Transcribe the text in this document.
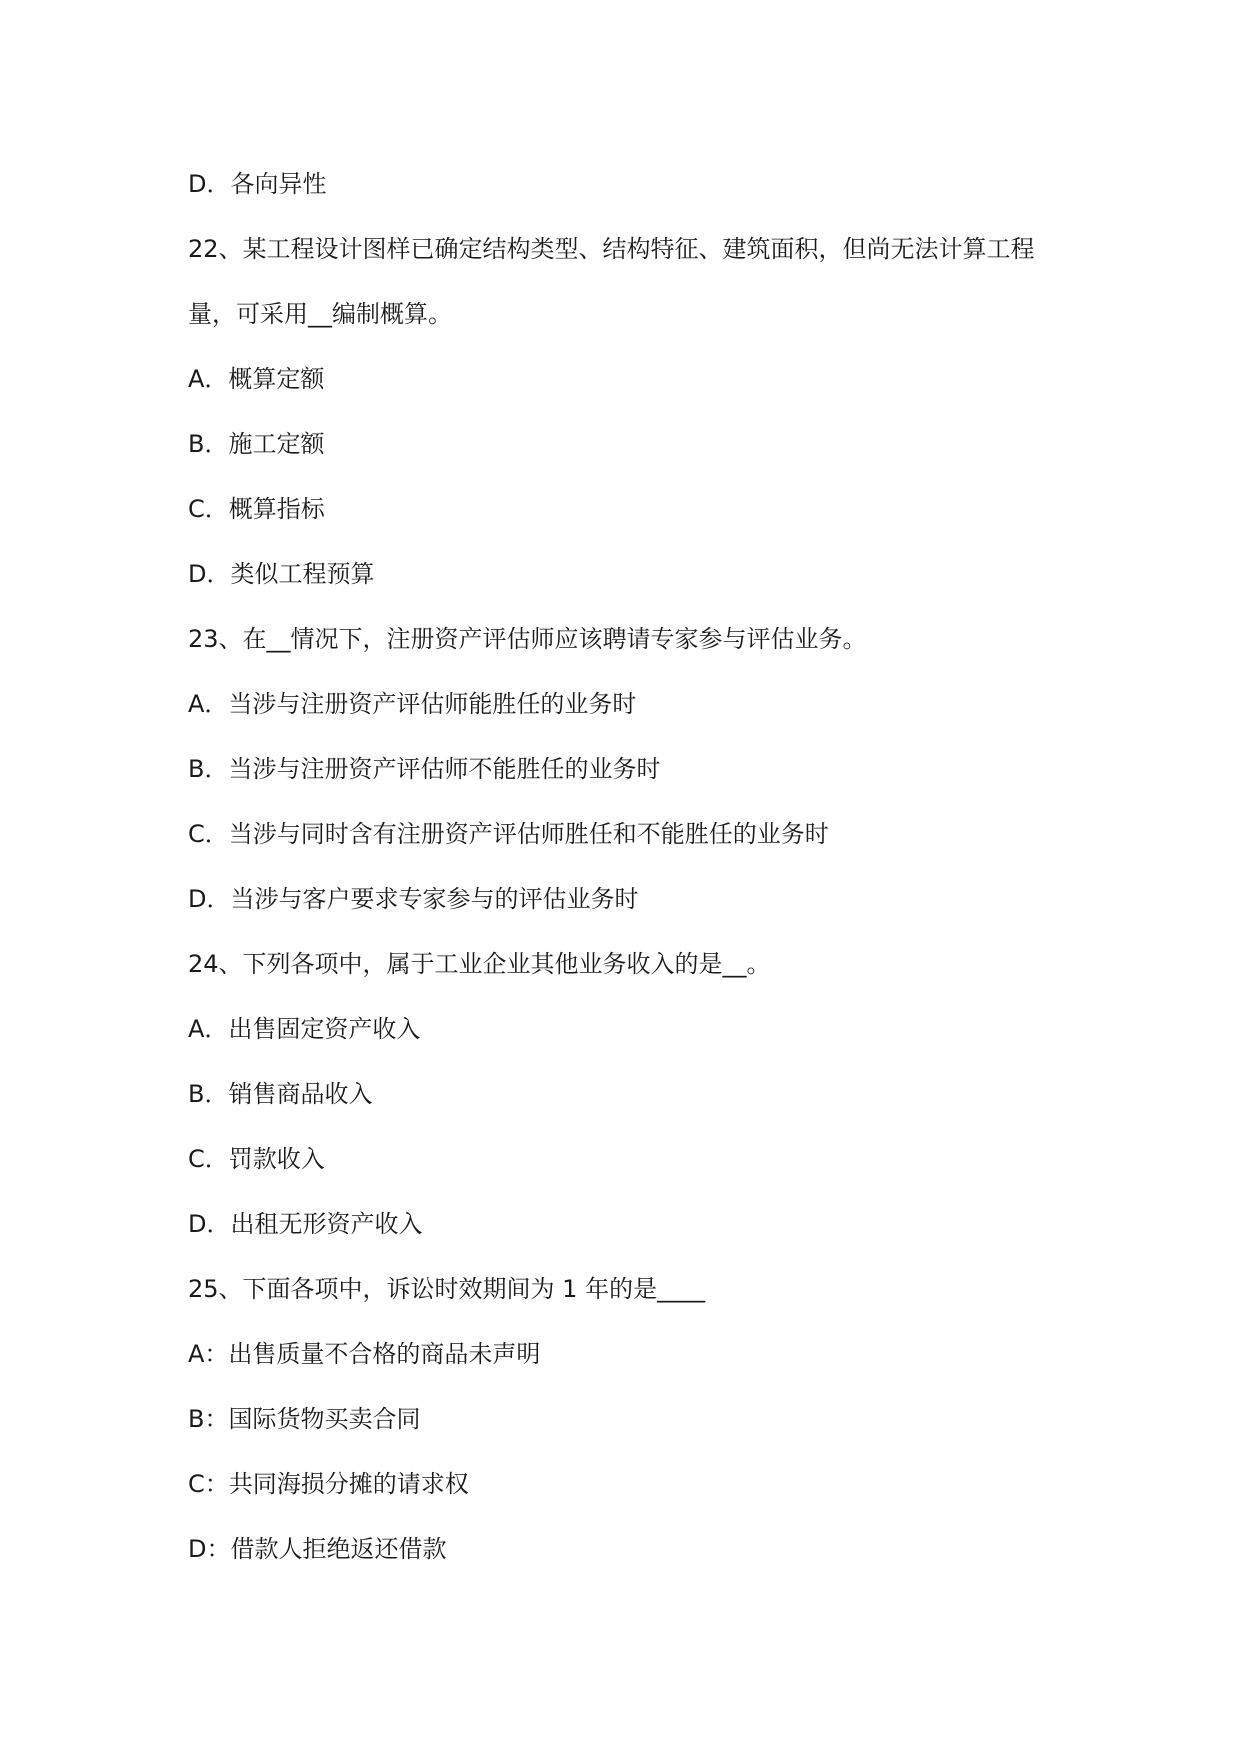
D．各向异性
22、某工程设计图样已确定结构类型、结构特征、建筑面积，但尚无法计算工程
量，可采用__编制概算。
A．概算定额
B．施工定额
C．概算指标
D．类似工程预算
23、在__情况下，注册资产评估师应该聘请专家参与评估业务。
A．当涉与注册资产评估师能胜任的业务时
B．当涉与注册资产评估师不能胜任的业务时
C．当涉与同时含有注册资产评估师胜任和不能胜任的业务时
D．当涉与客户要求专家参与的评估业务时
24、下列各项中，属于工业企业其他业务收入的是__。
A．出售固定资产收入
B．销售商品收入
C．罚款收入
D．出租无形资产收入
25、下面各项中，诉讼时效期间为 1 年的是____
A：出售质量不合格的商品未声明
B：国际货物买卖合同
C：共同海损分摊的请求权
D：借款人拒绝返还借款
